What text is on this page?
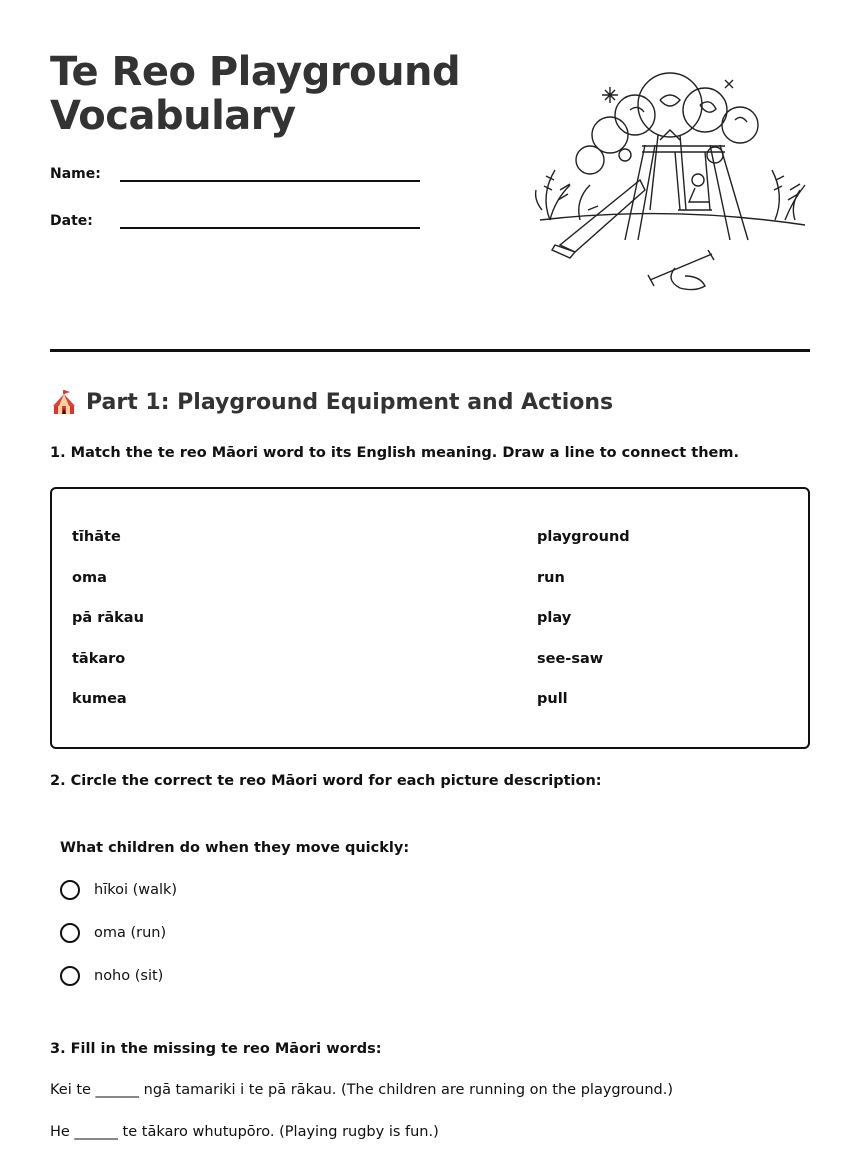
Te Reo Playground
Vocabulary
Name:
Date:
Part 1: Playground Equipment and Actions

1. Match the te reo Māori word to its English meaning. Draw a line to connect them.

tīhāte
oma
pā rākau
tākaro
kumea
playground
run
play
see-saw
pull

2. Circle the correct te reo Māori word for each picture description:

What children do when they move quickly:
hīkoi (walk)
oma (run)
noho (sit)

3. Fill in the missing te reo Māori words:

Kei te ______ ngā tamariki i te pā rākau. (The children are running on the playground.)
He ______ te tākaro whutupōro. (Playing rugby is fun.)
